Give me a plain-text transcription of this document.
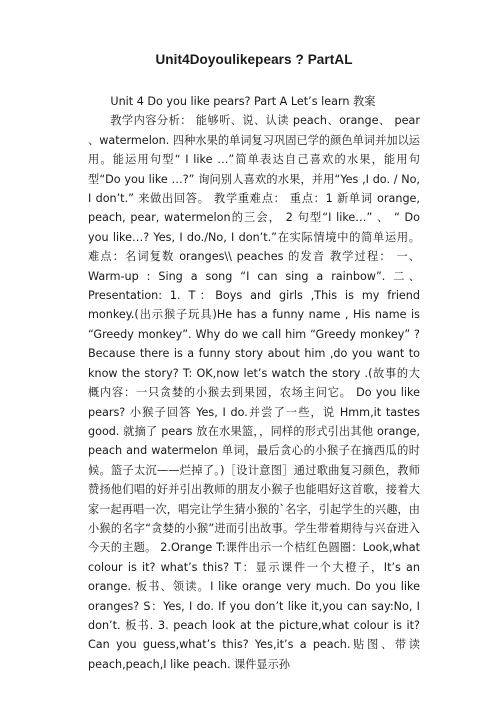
Unit4Doyoulikepears ? PartAL

Unit 4 Do you like pears? Part A Let’s learn 教案

教学内容分析： 能够听、说、认读 peach、orange、 pear 、watermelon. 四种水果的单词复习巩固已学的颜色单词并加以运用。能运用句型“ I like …”简单表达自己喜欢的水果，能用句型“Do you like …?” 询问别人喜欢的水果，并用“Yes ,I do. / No, I don’t.” 来做出回答。 教学重难点： 重点：1 新单词 orange, peach, pear, watermelon的三会， 2 句型“I like…” 、 “ Do you like…? Yes, I do./No, I don’t.”在实际情境中的简单运用。 难点：名词复数 oranges\\ peaches 的发音 教学过程： 一、 Warm-up : Sing a song “I can sing a rainbow”. 二、Presentation: 1. T：Boys and girls ,This is my friend monkey.(出示猴子玩具)He has a funny name , His name is “Greedy monkey”. Why do we call him “Greedy monkey” ? Because there is a funny story about him ,do you want to know the story? T: OK,now let’s watch the story .(故事的大概内容：一只贪婪的小猴去到果园，农场主问它。 Do you like pears? 小猴子回答 Yes, I do.并尝了一些，说 Hmm,it tastes good. 就摘了 pears 放在水果篮，，同样的形式引出其他 orange, peach and watermelon 单词，最后贪心的小猴子在摘西瓜的时候。篮子太沉——烂掉了。)［设计意图］通过歌曲复习颜色，教师赞扬他们唱的好并引出教师的朋友小猴子也能唱好这首歌，接着大家一起再唱一次，唱完让学生猜小猴的`名字，引起学生的兴趣，由小猴的名字“贪婪的小猴”进而引出故事。学生带着期待与兴奋进入今天的主题。 2.Orange T:课件出示一个桔红色圆圈：Look,what colour is it? what’s this? T：显示课件一个大橙子，It’s an orange. 板书、领读。I like orange very much. Do you like oranges? S：Yes, I do. If you don’t like it,you can say:No, I don’t. 板书. 3. peach look at the picture,what colour is it? Can you guess,what’s this? Yes,it’s a peach.贴图、带读 peach,peach,I like peach. 课件显示孙
